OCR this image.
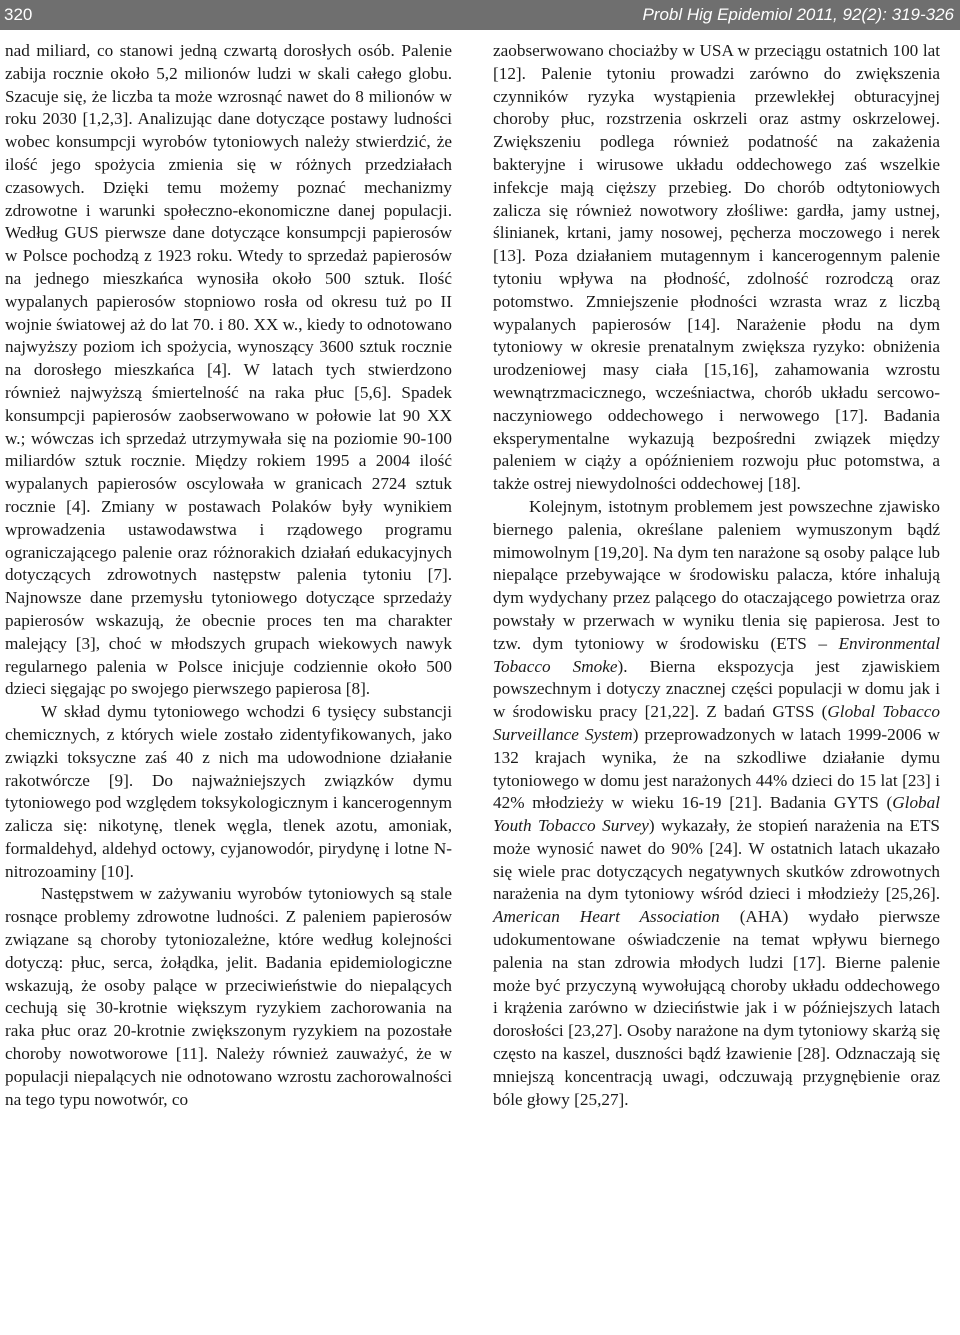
320	Probl Hig Epidemiol 2011, 92(2): 319-326

nad miliard, co stanowi jedną czwartą dorosłych osób. Palenie zabija rocznie około 5,2 milionów ludzi w skali całego globu. Szacuje się, że liczba ta może wzrosnąć nawet do 8 milionów w roku 2030 [1,2,3]. Analizując dane dotyczące postawy ludności wobec konsumpcji wyrobów tytoniowych należy stwierdzić, że ilość jego spożycia zmienia się w różnych przedziałach czasowych. Dzięki temu możemy poznać mechanizmy zdrowotne i warunki społeczno-ekonomiczne danej populacji. Według GUS pierwsze dane dotyczące konsumpcji papierosów w Polsce pochodzą z 1923 roku. Wtedy to sprzedaż papierosów na jednego mieszkańca wynosiła około 500 sztuk. Ilość wypalanych papierosów stopniowo rosła od okresu tuż po II wojnie światowej aż do lat 70. i 80. XX w., kiedy to odnotowano najwyższy poziom ich spożycia, wynoszący 3600 sztuk rocznie na dorosłego mieszkańca [4]. W latach tych stwierdzono również najwyższą śmiertelność na raka płuc [5,6]. Spadek konsumpcji papierosów zaobserwowano w połowie lat 90 XX w.; wówczas ich sprzedaż utrzymywała się na poziomie 90-100 miliardów sztuk rocznie. Między rokiem 1995 a 2004 ilość wypalanych papierosów oscylowała w granicach 2724 sztuk rocznie [4]. Zmiany w postawach Polaków były wynikiem wprowadzenia ustawodawstwa i rządowego programu ograniczającego palenie oraz różnorakich działań edukacyjnych dotyczących zdrowotnych następstw palenia tytoniu [7]. Najnowsze dane przemysłu tytoniowego dotyczące sprzedaży papierosów wskazują, że obecnie proces ten ma charakter malejący [3], choć w młodszych grupach wiekowych nawyk regularnego palenia w Polsce inicjuje codziennie około 500 dzieci sięgając po swojego pierwszego papierosa [8].

W skład dymu tytoniowego wchodzi 6 tysięcy substancji chemicznych, z których wiele zostało zidentyfikowanych, jako związki toksyczne zaś 40 z nich ma udowodnione działanie rakotwórcze [9]. Do najważniejszych związków dymu tytoniowego pod względem toksykologicznym i kancerogennym zalicza się: nikotynę, tlenek węgla, tlenek azotu, amoniak, formaldehyd, aldehyd octowy, cyjanowodór, pirydynę i lotne N-nitrozoaminy [10].

Następstwem w zażywaniu wyrobów tytoniowych są stale rosnące problemy zdrowotne ludności. Z paleniem papierosów związane są choroby tytoniozależne, które według kolejności dotyczą: płuc, serca, żołądka, jelit. Badania epidemiologiczne wskazują, że osoby palące w przeciwieństwie do niepalących cechują się 30-krotnie większym ryzykiem zachorowania na raka płuc oraz 20-krotnie zwiększonym ryzykiem na pozostałe choroby nowotworowe [11]. Należy również zauważyć, że w populacji niepalących nie odnotowano wzrostu zachorowalności na tego typu nowotwór, co

zaobserwowano chociażby w USA w przeciągu ostatnich 100 lat [12]. Palenie tytoniu prowadzi zarówno do zwiększenia czynników ryzyka wystąpienia przewlekłej obturacyjnej choroby płuc, rozstrzenia oskrzeli oraz astmy oskrzelowej. Zwiększeniu podlega również podatność na zakażenia bakteryjne i wirusowe układu oddechowego zaś wszelkie infekcje mają cięższy przebieg. Do chorób odtytoniowych zalicza się również nowotwory złośliwe: gardła, jamy ustnej, ślinianek, krtani, jamy nosowej, pęcherza moczowego i nerek [13]. Poza działaniem mutagennym i kancerogennym palenie tytoniu wpływa na płodność, zdolność rozrodczą oraz potomstwo. Zmniejszenie płodności wzrasta wraz z liczbą wypalanych papierosów [14]. Narażenie płodu na dym tytoniowy w okresie prenatalnym zwiększa ryzyko: obniżenia urodzeniowej masy ciała [15,16], zahamowania wzrostu wewnątrzmacicznego, wcześniactwa, chorób układu sercowo-naczyniowego oddechowego i nerwowego [17]. Badania eksperymentalne wykazują bezpośredni związek między paleniem w ciąży a opóźnieniem rozwoju płuc potomstwa, a także ostrej niewydolności oddechowej [18].

Kolejnym, istotnym problemem jest powszechne zjawisko biernego palenia, określane paleniem wymuszonym bądź mimowolnym [19,20]. Na dym ten narażone są osoby palące lub niepalące przebywające w środowisku palacza, które inhalują dym wydychany przez palącego do otaczającego powietrza oraz powstały w przerwach w wyniku tlenia się papierosa. Jest to tzw. dym tytoniowy w środowisku (ETS – Environmental Tobacco Smoke). Bierna ekspozycja jest zjawiskiem powszechnym i dotyczy znacznej części populacji w domu jak i w środowisku pracy [21,22]. Z badań GTSS (Global Tobacco Surveillance System) przeprowadzonych w latach 1999-2006 w 132 krajach wynika, że na szkodliwe działanie dymu tytoniowego w domu jest narażonych 44% dzieci do 15 lat [23] i 42% młodzieży w wieku 16-19 [21]. Badania GYTS (Global Youth Tobacco Survey) wykazały, że stopień narażenia na ETS może wynosić nawet do 90% [24]. W ostatnich latach ukazało się wiele prac dotyczących negatywnych skutków zdrowotnych narażenia na dym tytoniowy wśród dzieci i młodzieży [25,26]. American Heart Association (AHA) wydało pierwsze udokumentowane oświadczenie na temat wpływu biernego palenia na stan zdrowia młodych ludzi [17]. Bierne palenie może być przyczyną wywołującą choroby układu oddechowego i krążenia zarówno w dzieciństwie jak i w późniejszych latach dorosłości [23,27]. Osoby narażone na dym tytoniowy skarżą się często na kaszel, duszności bądź łzawienie [28]. Odznaczają się mniejszą koncentracją uwagi, odczuwają przygnębienie oraz bóle głowy [25,27].
